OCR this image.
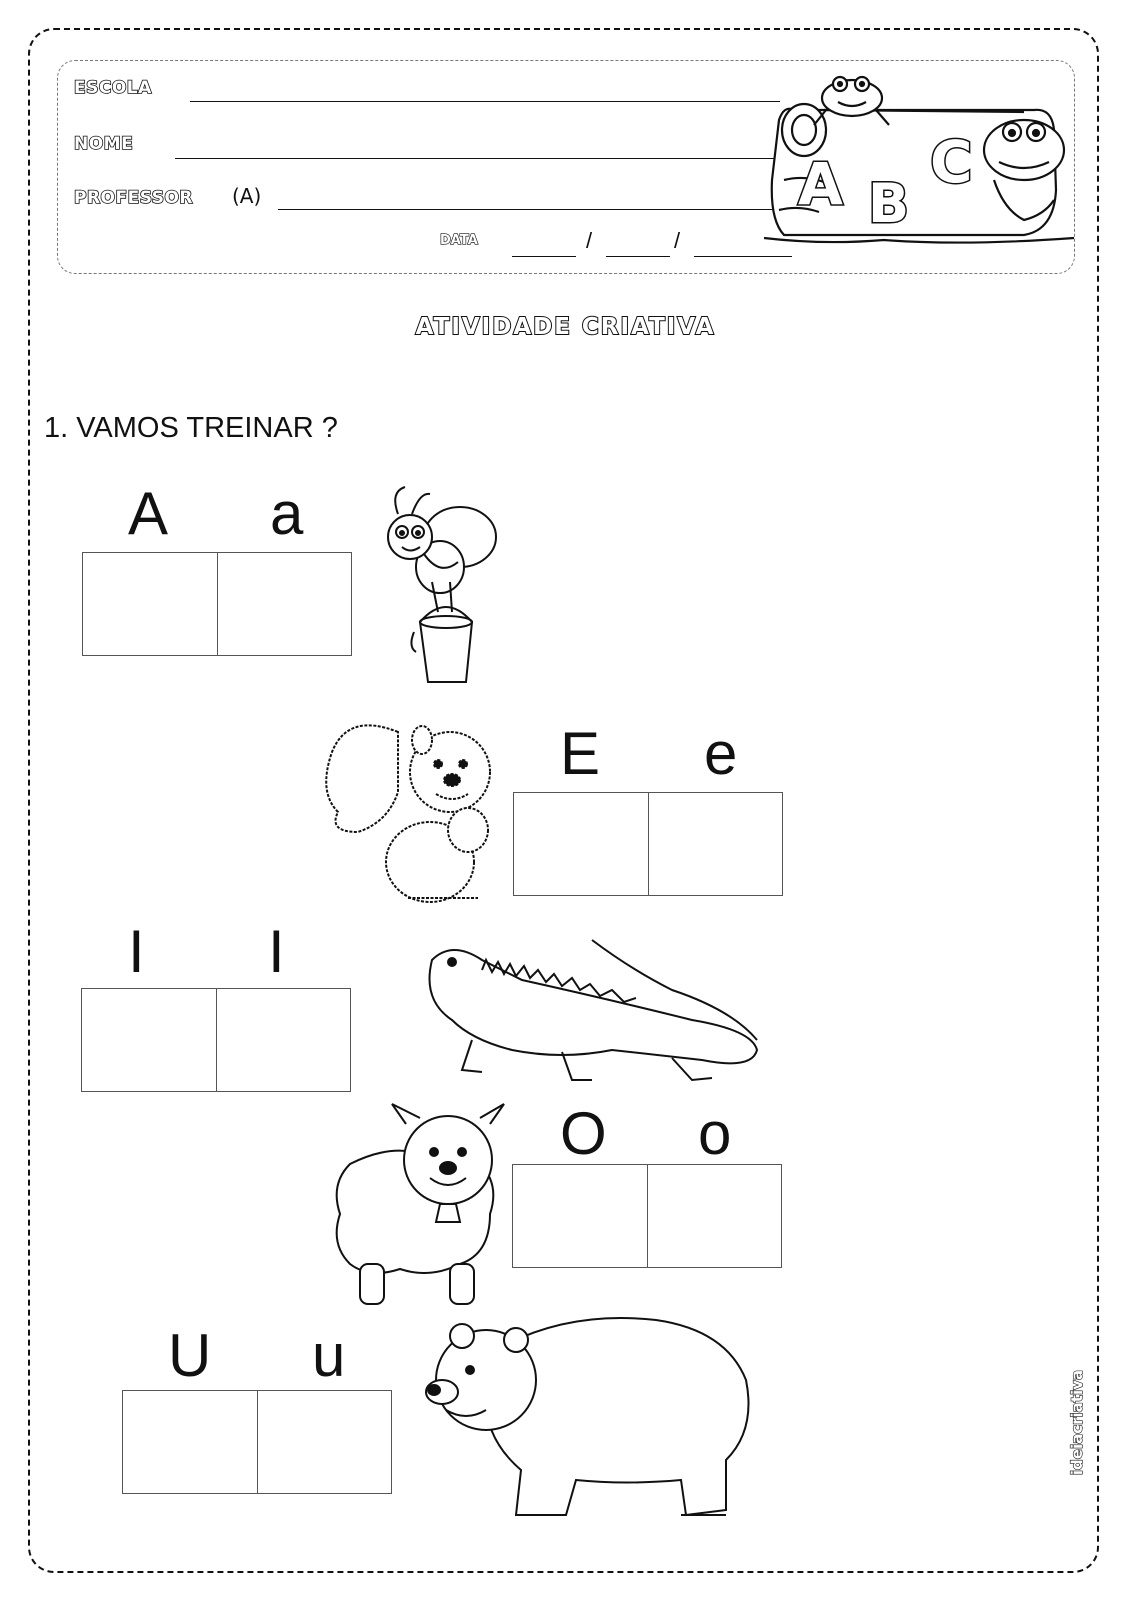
ESCOLA
NOME
PROFESSOR (A)
DATA	/	/
A B
C
ATIVIDADE CRIATIVA
1. VAMOS TREINAR ?
A a
E e
I I
O o
U u
ideiacriativa
